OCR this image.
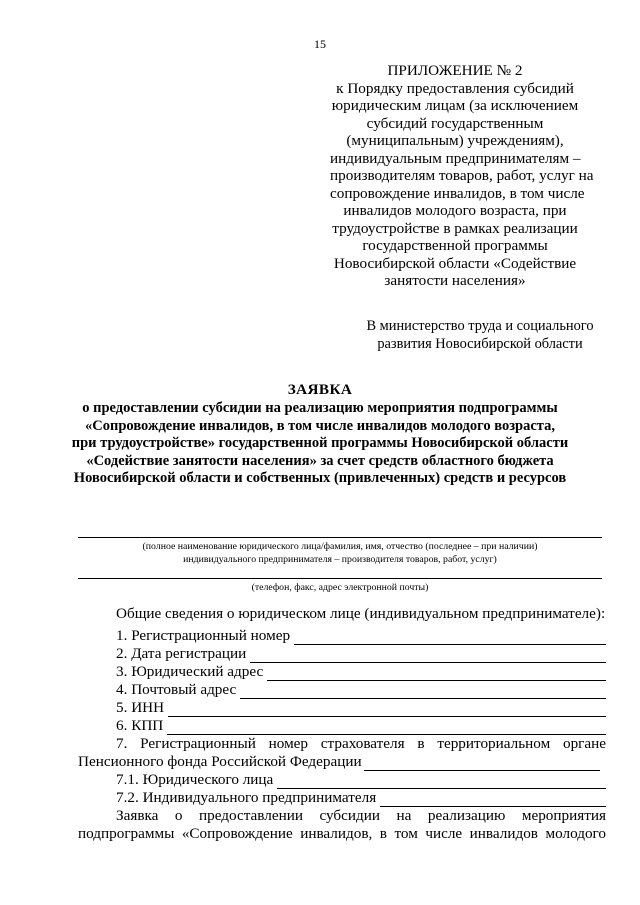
15
ПРИЛОЖЕНИЕ № 2
к Порядку предоставления субсидий
юридическим лицам (за исключением
субсидий государственным
(муниципальным) учреждениям),
индивидуальным предпринимателям –
производителям товаров, работ, услуг на
сопровождение инвалидов, в том числе
инвалидов молодого возраста, при
трудоустройстве в рамках реализации
государственной программы
Новосибирской области «Содействие
занятости населения»
В министерство труда и социального
развития Новосибирской области
ЗАЯВКА
о предоставлении субсидии на реализацию мероприятия подпрограммы
«Сопровождение инвалидов, в том числе инвалидов молодого возраста,
при трудоустройстве» государственной программы Новосибирской области
«Содействие занятости населения» за счет средств областного бюджета
Новосибирской области и собственных (привлеченных) средств и ресурсов
(полное наименование юридического лица/фамилия, имя, отчество (последнее – при наличии)
индивидуального предпринимателя – производителя товаров, работ, услуг)
(телефон, факс, адрес электронной почты)
Общие сведения о юридическом лице (индивидуальном предпринимателе):
1. Регистрационный номер
2. Дата регистрации
3. Юридический адрес
4. Почтовый адрес
5. ИНН
6. КПП
7. Регистрационный номер страхователя в территориальном органе
Пенсионного фонда Российской Федерации
7.1. Юридического лица
7.2. Индивидуального предпринимателя
Заявка о предоставлении субсидии на реализацию мероприятия
подпрограммы «Сопровождение инвалидов, в том числе инвалидов молодого
